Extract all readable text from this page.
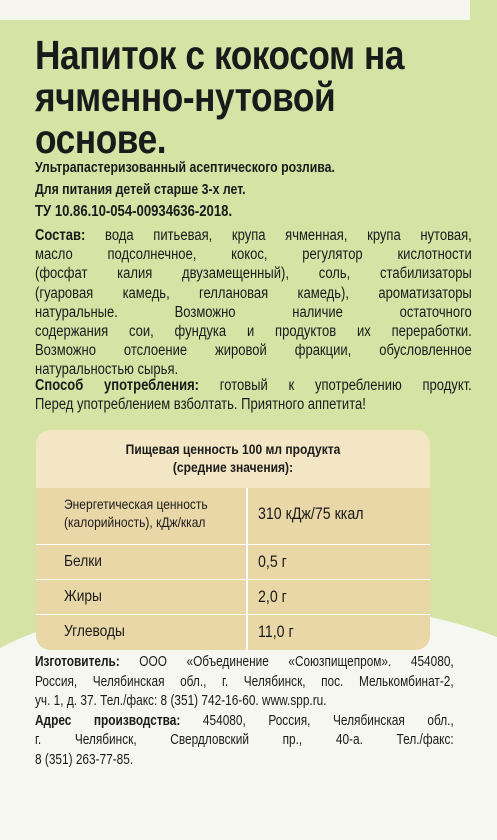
Напиток с кокосом на
ячменно-нутовой
основе.

Ультрапастеризованный асептического розлива.

Для питания детей старше 3-х лет.

ТУ 10.86.10-054-00934636-2018.

Состав: вода питьевая, крупа ячменная, крупа нутовая,
масло подсолнечное, кокос, регулятор кислотности
(фосфат калия двузамещенный), соль, стабилизаторы
(гуаровая камедь, геллановая камедь), ароматизаторы
натуральные. Возможно наличие остаточного
содержания сои, фундука и продуктов их переработки.
Возможно отслоение жировой фракции, обусловленное
натуральностью сырья.
Способ употребления: готовый к употреблению продукт.
Перед употреблением взболтать. Приятного аппетита!
Пищевая ценность 100 мл продукта
(средние значения):
Энергетическая ценность
(калорийность), кДж/ккал	310 кДж/75 ккал
Белки	0,5 г
Жиры	2,0 г
Углеводы	11,0 г
Изготовитель: ООО «Объединение «Союзпищепром». 454080,
Россия, Челябинская обл., г. Челябинск, пос. Мелькомбинат-2,
уч. 1, д. 37. Тел./факс: 8 (351) 742-16-60. www.spp.ru.
Адрес производства: 454080, Россия, Челябинская обл.,
г. Челябинск, Свердловский пр., 40-а. Тел./факс:
8 (351) 263-77-85.
